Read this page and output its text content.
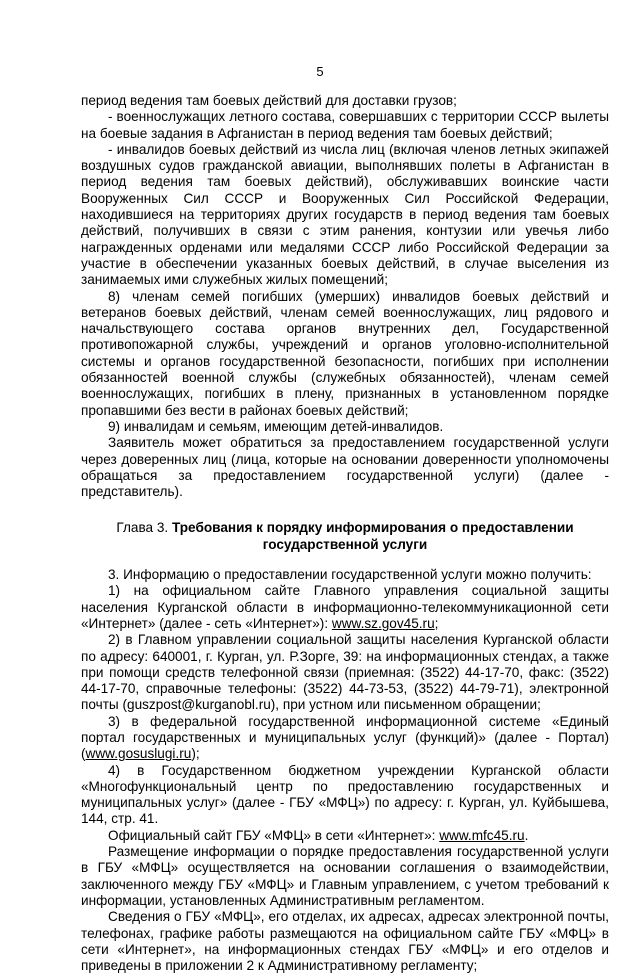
5

период ведения там боевых действий для доставки грузов;

- военнослужащих летного состава, совершавших с территории СССР вылеты на боевые задания в Афганистан в период ведения там боевых действий;

- инвалидов боевых действий из числа лиц (включая членов летных экипажей воздушных судов гражданской авиации, выполнявших полеты в Афганистан в период ведения там боевых действий), обслуживавших воинские части Вооруженных Сил СССР и Вооруженных Сил Российской Федерации, находившиеся на территориях других государств в период ведения там боевых действий, получивших в связи с этим ранения, контузии или увечья либо награжденных орденами или медалями СССР либо Российской Федерации за участие в обеспечении указанных боевых действий, в случае выселения из занимаемых ими служебных жилых помещений;

8) членам семей погибших (умерших) инвалидов боевых действий и ветеранов боевых действий, членам семей военнослужащих, лиц рядового и начальствующего состава органов внутренних дел, Государственной противопожарной службы, учреждений и органов уголовно-исполнительной системы и органов государственной безопасности, погибших при исполнении обязанностей военной службы (служебных обязанностей), членам семей военнослужащих, погибших в плену, признанных в установленном порядке пропавшими без вести в районах боевых действий;

9) инвалидам и семьям, имеющим детей-инвалидов.

Заявитель может обратиться за предоставлением государственной услуги через доверенных лиц (лица, которые на основании доверенности уполномочены обращаться за предоставлением государственной услуги) (далее - представитель).

Глава 3. Требования к порядку информирования о предоставлении государственной услуги

3. Информацию о предоставлении государственной услуги можно получить:

1) на официальном сайте Главного управления социальной защиты населения Курганской области в информационно-телекоммуникационной сети «Интернет» (далее - сеть «Интернет»): www.sz.gov45.ru;

2) в Главном управлении социальной защиты населения Курганской области по адресу: 640001, г. Курган, ул. Р.Зорге, 39: на информационных стендах, а также при помощи средств телефонной связи (приемная: (3522) 44-17-70, факс: (3522) 44-17-70, справочные телефоны: (3522) 44-73-53, (3522) 44-79-71), электронной почты (guszpost@kurganobl.ru), при устном или письменном обращении;

3) в федеральной государственной информационной системе «Единый портал государственных и муниципальных услуг (функций)» (далее - Портал) (www.gosuslugi.ru);

4) в Государственном бюджетном учреждении Курганской области «Многофункциональный центр по предоставлению государственных и муниципальных услуг» (далее - ГБУ «МФЦ») по адресу: г. Курган, ул. Куйбышева, 144, стр. 41.

Официальный сайт ГБУ «МФЦ» в сети «Интернет»: www.mfc45.ru.

Размещение информации о порядке предоставления государственной услуги в ГБУ «МФЦ» осуществляется на основании соглашения о взаимодействии, заключенного между ГБУ «МФЦ» и Главным управлением, с учетом требований к информации, установленных Административным регламентом.

Сведения о ГБУ «МФЦ», его отделах, их адресах, адресах электронной почты, телефонах, графике работы размещаются на официальном сайте ГБУ «МФЦ» в сети «Интернет», на информационных стендах ГБУ «МФЦ» и его отделов и приведены в приложении 2 к Административному регламенту;
